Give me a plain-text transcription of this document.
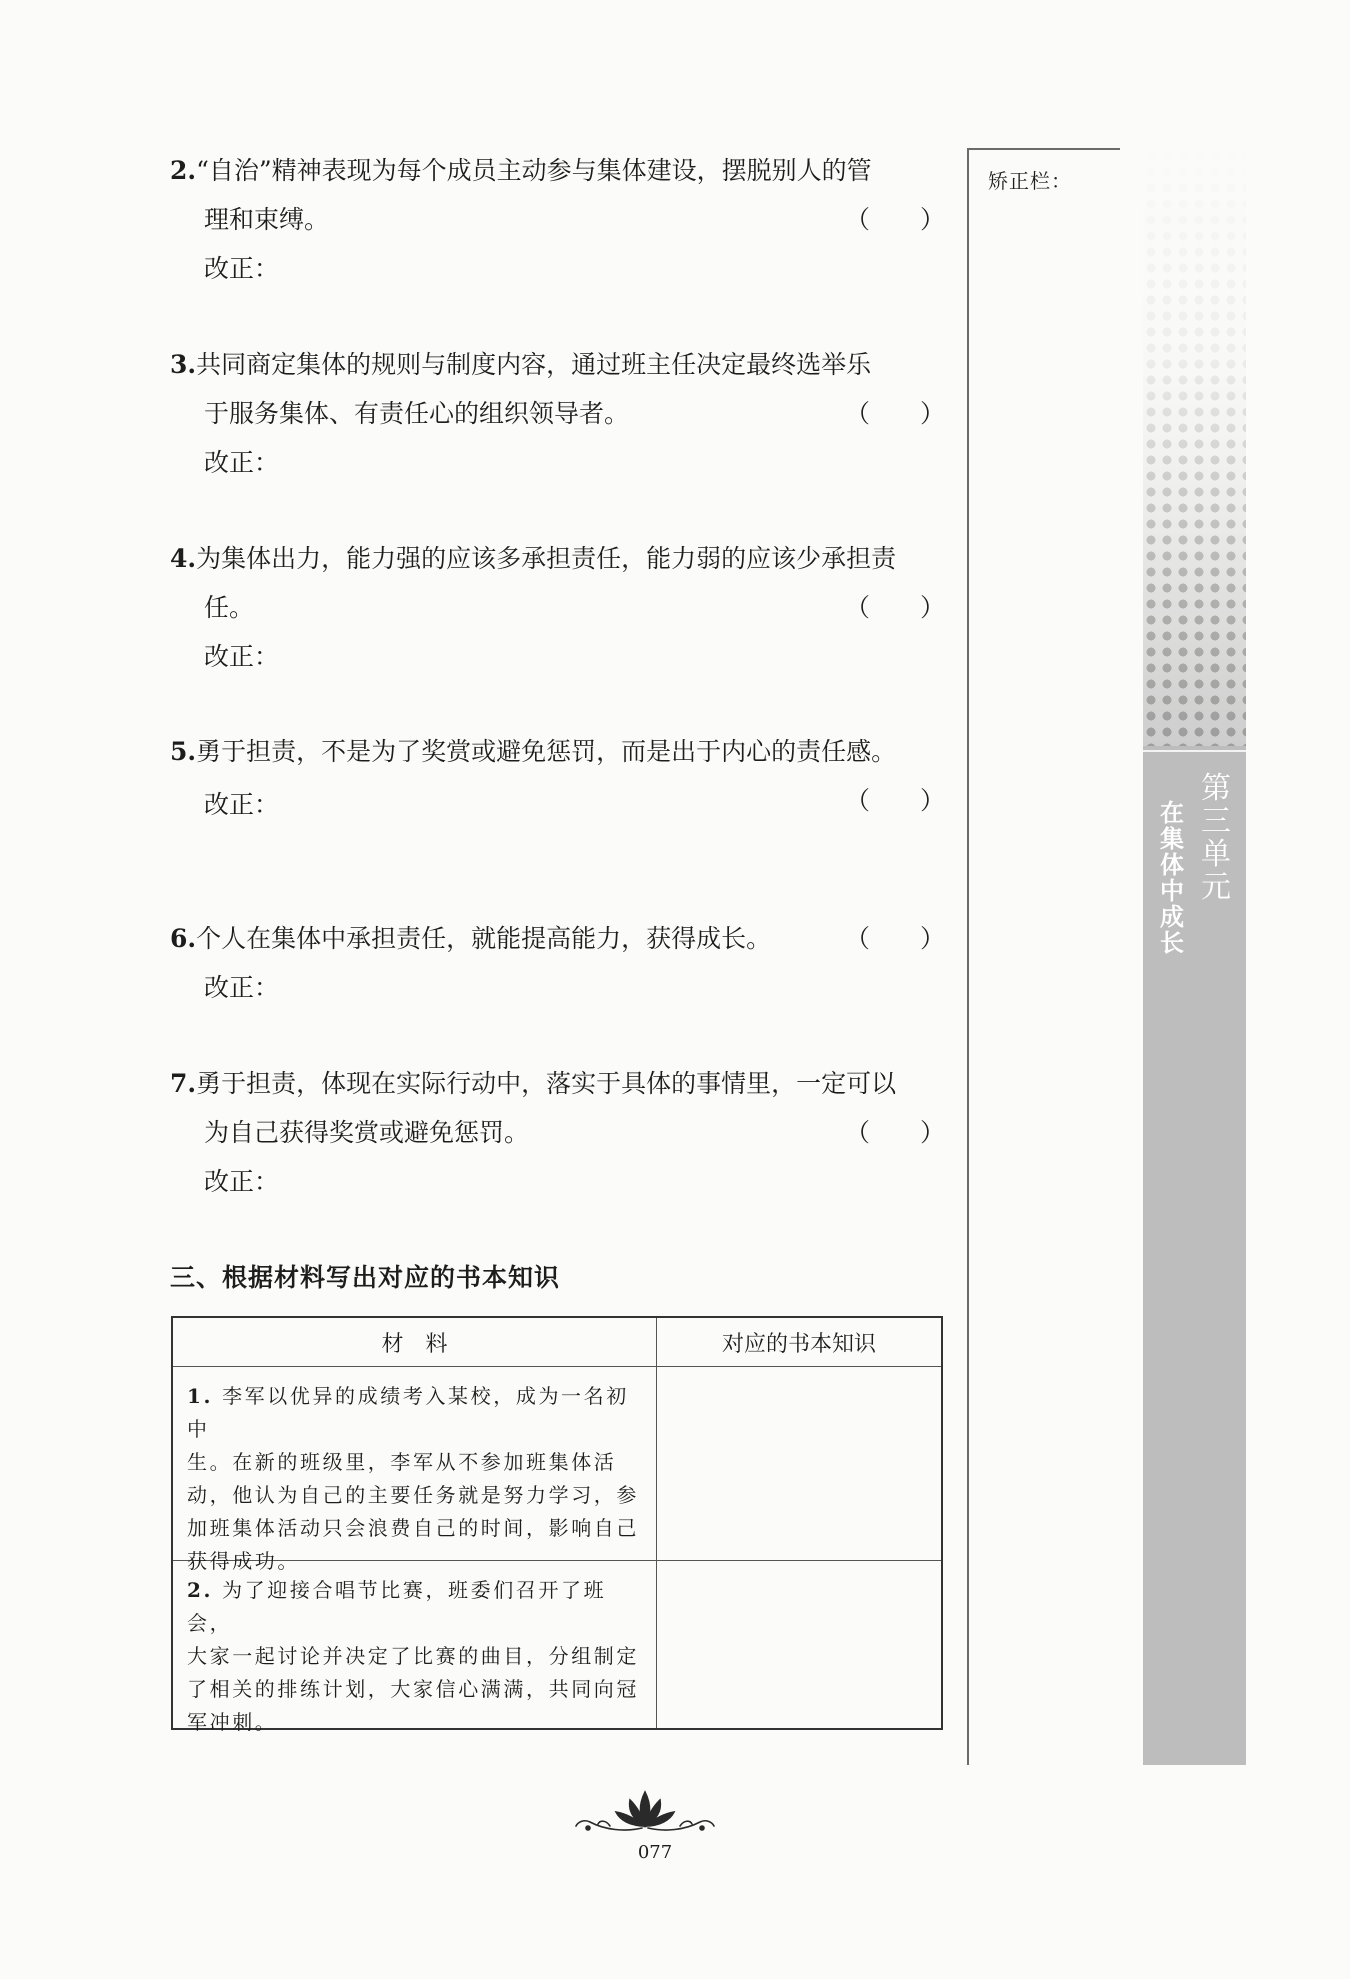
2.“自治”精神表现为每个成员主动参与集体建设，摆脱别人的管
理和束缚。	（　　）
改正：
3.共同商定集体的规则与制度内容，通过班主任决定最终选举乐
于服务集体、有责任心的组织领导者。	（　　）
改正：
4.为集体出力，能力强的应该多承担责任，能力弱的应该少承担责
任。	（　　）
改正：
5.勇于担责，不是为了奖赏或避免惩罚，而是出于内心的责任感。
（　　）
改正：
6.个人在集体中承担责任，就能提高能力，获得成长。	（　　）
改正：
7.勇于担责，体现在实际行动中，落实于具体的事情里，一定可以
为自己获得奖赏或避免惩罚。	（　　）
改正：
三、根据材料写出对应的书本知识
材　料	对应的书本知识
1. 李军以优异的成绩考入某校，成为一名初中
生。在新的班级里，李军从不参加班集体活
动，他认为自己的主要任务就是努力学习，参
加班集体活动只会浪费自己的时间，影响自己
获得成功。
2. 为了迎接合唱节比赛，班委们召开了班会，
大家一起讨论并决定了比赛的曲目，分组制定
了相关的排练计划，大家信心满满，共同向冠
军冲刺。
矫正栏：
第三单元
在集体中成长
077
